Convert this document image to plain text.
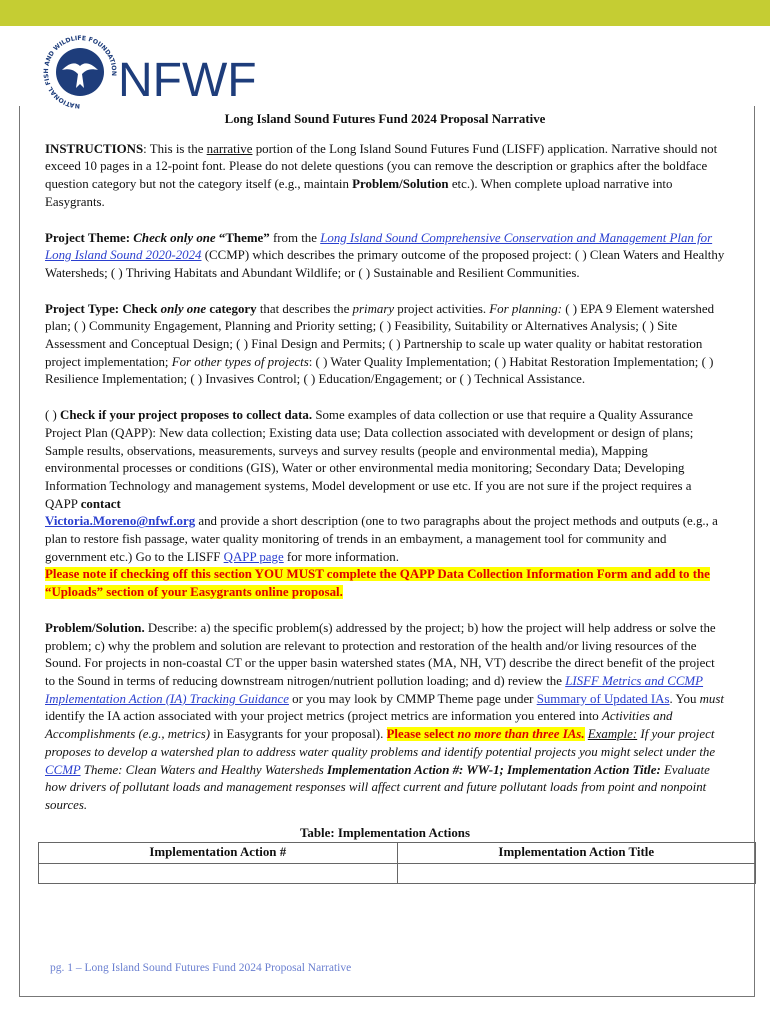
NATIONAL FISH AND WILDLIFE FOUNDATION NFWF
Long Island Sound Futures Fund 2024 Proposal Narrative

INSTRUCTIONS: This is the narrative portion of the Long Island Sound Futures Fund (LISFF) application. Narrative should not exceed 10 pages in a 12-point font. Please do not delete questions (you can remove the description or graphics after the boldface question category but not the category itself (e.g., maintain Problem/Solution etc.). When complete upload narrative into Easygrants.

Project Theme: Check only one “Theme” from the Long Island Sound Comprehensive Conservation and Management Plan for Long Island Sound 2020-2024 (CCMP) which describes the primary outcome of the proposed project: ( ) Clean Waters and Healthy Watersheds; ( ) Thriving Habitats and Abundant Wildlife; or ( ) Sustainable and Resilient Communities.

Project Type: Check only one category that describes the primary project activities. For planning: ( ) EPA 9 Element watershed plan; ( ) Community Engagement, Planning and Priority setting; ( ) Feasibility, Suitability or Alternatives Analysis; ( ) Site Assessment and Conceptual Design; ( ) Final Design and Permits; ( ) Partnership to scale up water quality or habitat restoration project implementation; For other types of projects: ( ) Water Quality Implementation; ( ) Habitat Restoration Implementation; ( ) Resilience Implementation; ( ) Invasives Control; ( ) Education/Engagement; or ( ) Technical Assistance.

( ) Check if your project proposes to collect data. Some examples of data collection or use that require a Quality Assurance Project Plan (QAPP): New data collection; Existing data use; Data collection associated with development or design of plans; Sample results, observations, measurements, surveys and survey results (people and environmental media), Mapping environmental processes or conditions (GIS), Water or other environmental media monitoring; Secondary Data; Developing Information Technology and management systems, Model development or use etc. If you are not sure if the project requires a QAPP contact
Victoria.Moreno@nfwf.org and provide a short description (one to two paragraphs about the project methods and outputs (e.g., a plan to restore fish passage, water quality monitoring of trends in an embayment, a management tool for community and government etc.) Go to the LISFF QAPP page for more information.
Please note if checking off this section YOU MUST complete the QAPP Data Collection Information Form and add to the “Uploads” section of your Easygrants online proposal.

Problem/Solution. Describe: a) the specific problem(s) addressed by the project; b) how the project will help address or solve the problem; c) why the problem and solution are relevant to protection and restoration of the health and/or living resources of the Sound. For projects in non-coastal CT or the upper basin watershed states (MA, NH, VT) describe the direct benefit of the project to the Sound in terms of reducing downstream nitrogen/nutrient pollution loading; and d) review the LISFF Metrics and CCMP Implementation Action (IA) Tracking Guidance or you may look by CMMP Theme page under Summary of Updated IAs. You must identify the IA action associated with your project metrics (project metrics are information you entered into Activities and Accomplishments (e.g., metrics) in Easygrants for your proposal). Please select no more than three IAs. Example: If your project proposes to develop a watershed plan to address water quality problems and identify potential projects you might select under the CCMP Theme: Clean Waters and Healthy Watersheds Implementation Action #: WW-1; Implementation Action Title: Evaluate how drivers of pollutant loads and management responses will affect current and future pollutant loads from point and nonpoint sources.

Table: Implementation Actions
Implementation Action #	Implementation Action Title

pg. 1 – Long Island Sound Futures Fund 2024 Proposal Narrative
